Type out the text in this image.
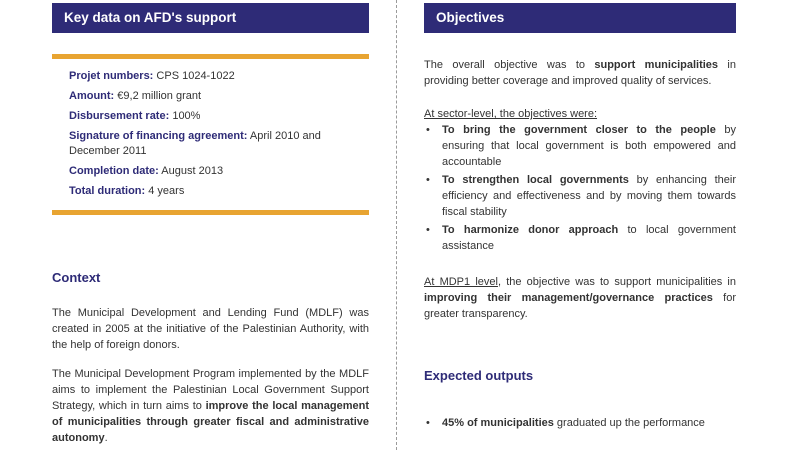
Key data on AFD's support
Projet numbers: CPS 1024-1022
Amount: €9,2 million grant
Disbursement rate: 100%
Signature of financing agreement: April 2010 and December 2011
Completion date: August 2013
Total duration: 4 years
Context

The Municipal Development and Lending Fund (MDLF) was created in 2005 at the initiative of the Palestinian Authority, with the help of foreign donors.

The Municipal Development Program implemented by the MDLF aims to implement the Palestinian Local Government Support Strategy, which in turn aims to improve the local management of municipalities through greater fiscal and administrative autonomy.

Objectives

The overall objective was to support municipalities in providing better coverage and improved quality of services.

At sector-level, the objectives were:

• To bring the government closer to the people by ensuring that local government is both empowered and accountable
• To strengthen local governments by enhancing their efficiency and effectiveness and by moving them towards fiscal stability
• To harmonize donor approach to local government assistance

At MDP1 level, the objective was to support municipalities in improving their management/governance practices for greater transparency.

Expected outputs
• 45% of municipalities graduated up the performance
